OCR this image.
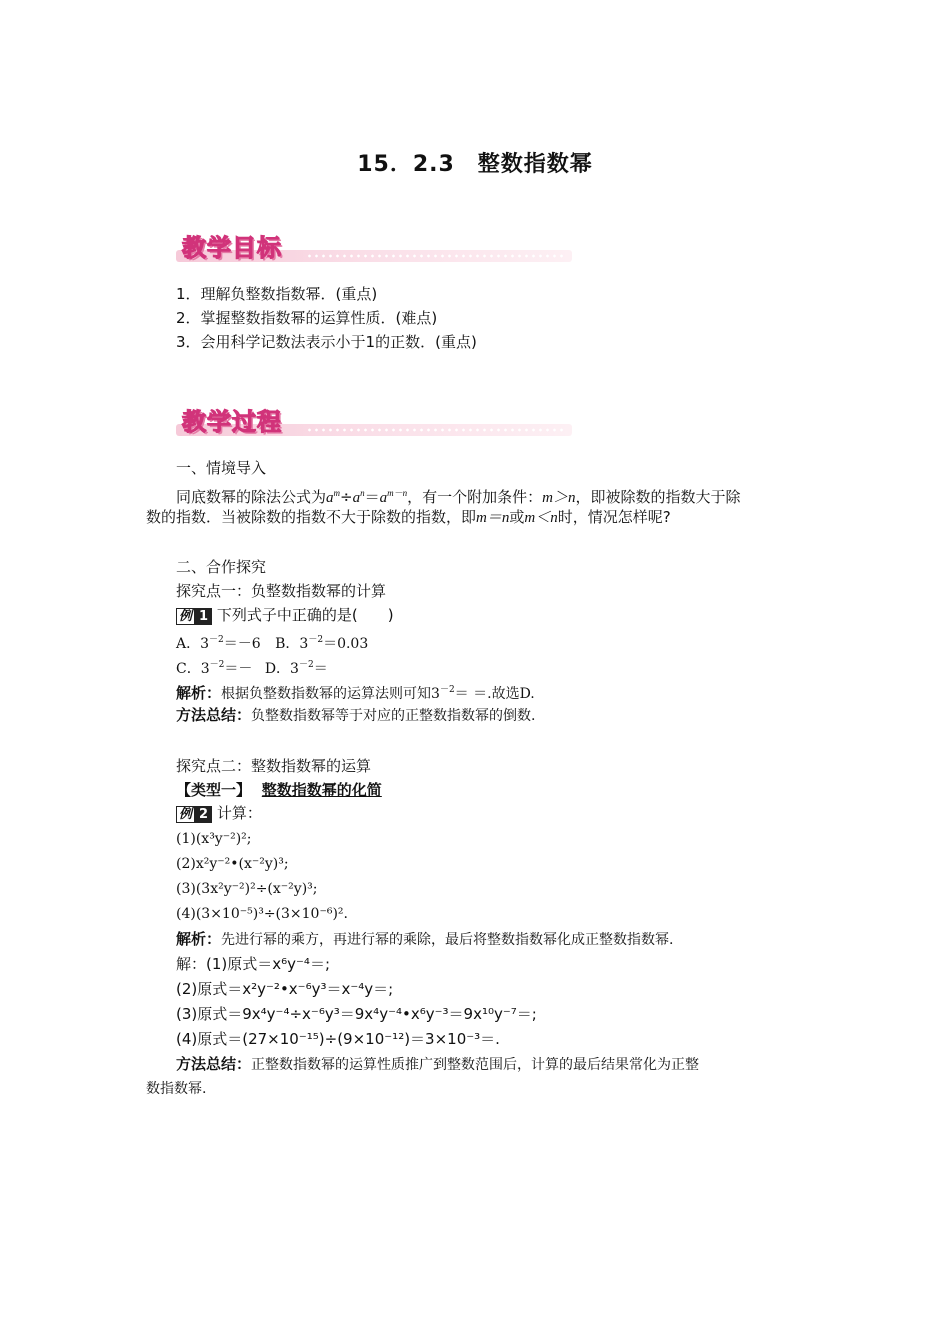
15．2.3　整数指数幂
教学目标
1．理解负整数指数幂．(重点)
2．掌握整数指数幂的运算性质．(难点)
3．会用科学记数法表示小于1的正数．(重点)
教学过程
一、情境导入
同底数幂的除法公式为$a^m\div a^n=a^{m-n}$，有一个附加条件：m＞n，即被除数的指数大于除
数的指数．当被除数的指数不大于除数的指数，即m＝n或m＜n时，情况怎样呢?
二、合作探究
探究点一：负整数指数幂的计算
例 1 下列式子中正确的是(　　)
A．$3^{-2}=-6$ B．$3^{-2}=0.03$
C．$3^{-2}=- D$．$3^{-2}=$
解析：根据负整数指数幂的运算法则可知$3^{-2}=$ ＝.故选D.
方法总结：负整数指数幂等于对应的正整数指数幂的倒数.
探究点二：整数指数幂的运算
【类型一】 整数指数幂的化简
例 2 计算：
(1)(x³y⁻²)²;
(2)x²y⁻²•(x⁻²y)³;
(3)(3x²y⁻²)²÷(x⁻²y)³;
(4)(3×10⁻⁵)³÷(3×10⁻⁶)².
解析：先进行幂的乘方，再进行幂的乘除，最后将整数指数幂化成正整数指数幂.
解：(1)原式＝x⁶y⁻⁴＝;
(2)原式＝x²y⁻²•x⁻⁶y³＝x⁻⁴y＝;
(3)原式＝9x⁴y⁻⁴÷x⁻⁶y³＝9x⁴y⁻⁴•x⁶y⁻³＝9x¹⁰y⁻⁷＝;
(4)原式＝(27×10⁻¹⁵)÷(9×10⁻¹²)＝3×10⁻³＝.
方法总结：正整数指数幂的运算性质推广到整数范围后，计算的最后结果常化为正整
数指数幂.
